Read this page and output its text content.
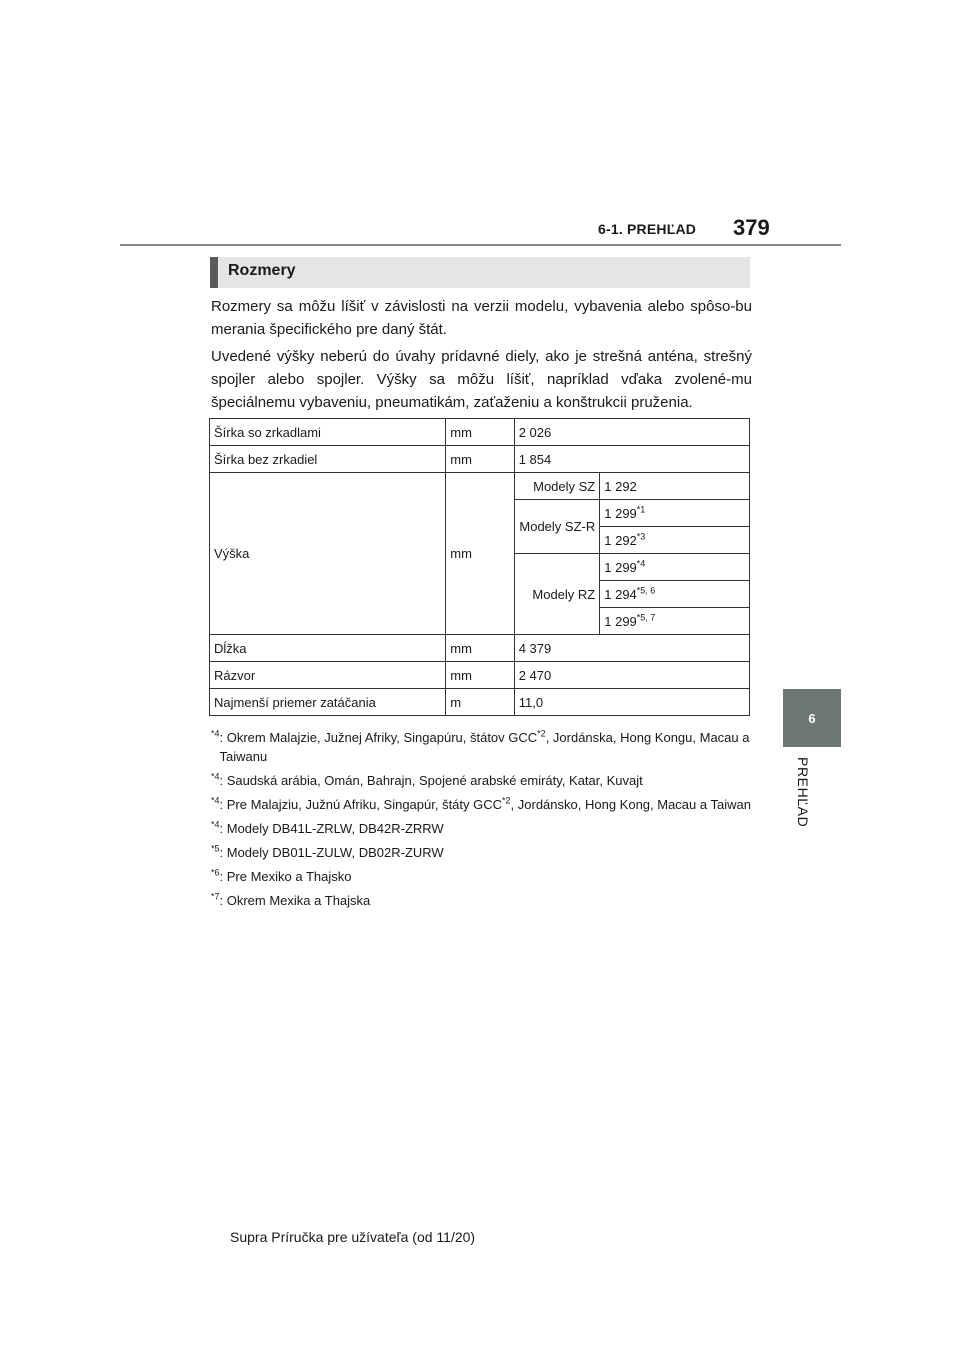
6-1. PREHĽAD 379
6
PREHĽAD
Rozmery

Rozmery sa môžu líšiť v závislosti na verzii modelu, vybavenia alebo spôso-bu merania špecifického pre daný štát.

Uvedené výšky neberú do úvahy prídavné diely, ako je strešná anténa, strešný spojler alebo spojler. Výšky sa môžu líšiť, napríklad vďaka zvolené-mu špeciálnemu vybaveniu, pneumatikám, zaťaženiu a konštrukcii pruženia.

Šírka so zrkadlami	mm	2 026	
Šírka bez zrkadiel	mm	1 854	
Výška	mm	Modely SZ	1 292
		Modely SZ-R	1 299$^{*1}$
			1 292$^{*3}$
		Modely RZ	1 299$^{*4}$
			1 294$^{*5, 6}$
			1 299$^{*5, 7}$
Dĺžka	mm	4 379	
Rázvor	mm	2 470	
Najmenší priemer zatáčania	m	11,0	
$^{*4}$ : Okrem Malajzie, Južnej Afriky, Singapúru, štátov GCC$^{*2}$, Jordánska, Hong Kongu, Macau a Taiwanu
$^{*4}$ : Saudská arábia, Omán, Bahrajn, Spojené arabské emiráty, Katar, Kuvajt
$^{*4}$ : Pre Malajziu, Južnú Afriku, Singapúr, štáty GCC$^{*2}$, Jordánsko, Hong Kong, Macau a Taiwan
$^{*4}$ : Modely DB41L-ZRLW, DB42R-ZRRW
$^{*5}$ : Modely DB01L-ZULW, DB02R-ZURW
$^{*6}$ : Pre Mexiko a Thajsko
$^{*7}$ : Okrem Mexika a Thajska
Supra Príručka pre užívateľa (od 11/20)
